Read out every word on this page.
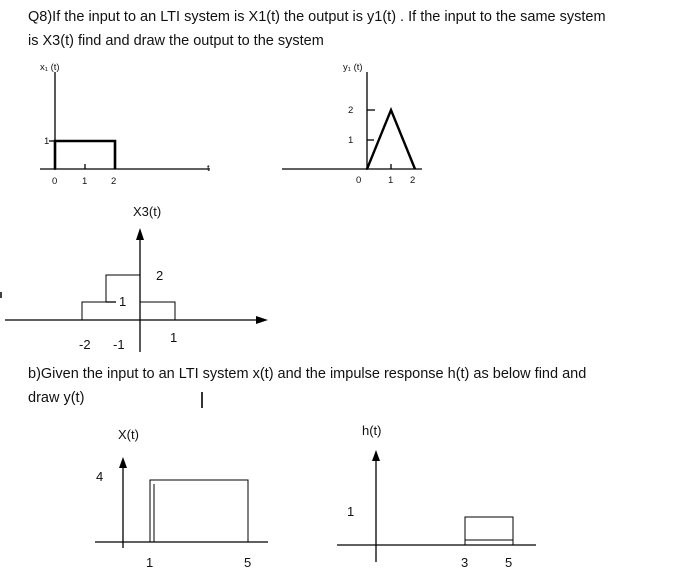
Q8)If the input to an LTI system is X1(t) the output is y1(t) . If the input to the same system
is X3(t) find and draw the output to the system
x₁ (t)
t
1
0	1 2
y₁ (t)
2
1
0	1 2
X3(t)
2
1
1
-2 -1
b)Given the input to an LTI system x(t) and the impulse response h(t) as below find and
draw y(t)
X(t)
4
1	5
h(t)
1
3	5
